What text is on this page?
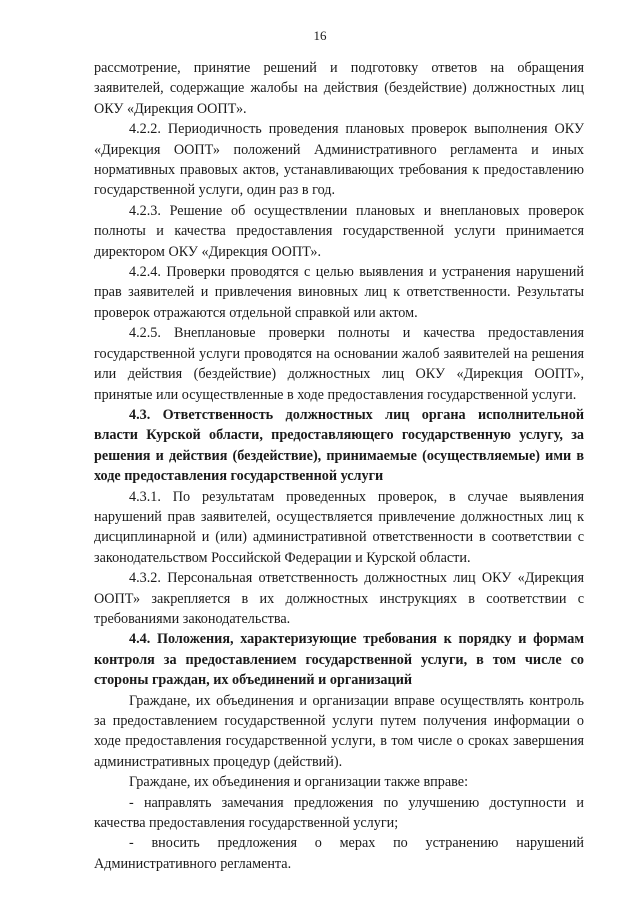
16

рассмотрение, принятие решений и подготовку ответов на обращения заявителей, содержащие жалобы на действия (бездействие) должностных лиц ОКУ «Дирекция ООПТ».

4.2.2. Периодичность проведения плановых проверок выполнения ОКУ «Дирекция ООПТ» положений Административного регламента и иных нормативных правовых актов, устанавливающих требования к предоставлению государственной услуги, один раз в год.

4.2.3. Решение об осуществлении плановых и внеплановых проверок полноты и качества предоставления государственной услуги принимается директором ОКУ «Дирекция ООПТ».

4.2.4. Проверки проводятся с целью выявления и устранения нарушений прав заявителей и привлечения виновных лиц к ответственности. Результаты проверок отражаются отдельной справкой или актом.

4.2.5. Внеплановые проверки полноты и качества предоставления государственной услуги проводятся на основании жалоб заявителей на решения или действия (бездействие) должностных лиц ОКУ «Дирекция ООПТ», принятые или осуществленные в ходе предоставления государственной услуги.

4.3. Ответственность должностных лиц органа исполнительной власти Курской области, предоставляющего государственную услугу, за решения и действия (бездействие), принимаемые (осуществляемые) ими в ходе предоставления государственной услуги

4.3.1. По результатам проведенных проверок, в случае выявления нарушений прав заявителей, осуществляется привлечение должностных лиц к дисциплинарной и (или) административной ответственности в соответствии с законодательством Российской Федерации и Курской области.

4.3.2. Персональная ответственность должностных лиц ОКУ «Дирекция ООПТ» закрепляется в их должностных инструкциях в соответствии с требованиями законодательства.

4.4. Положения, характеризующие требования к порядку и формам контроля за предоставлением государственной услуги, в том числе со стороны граждан, их объединений и организаций

Граждане, их объединения и организации вправе осуществлять контроль за предоставлением государственной услуги путем получения информации о ходе предоставления государственной услуги, в том числе о сроках завершения административных процедур (действий).

Граждане, их объединения и организации также вправе:

- направлять замечания предложения по улучшению доступности и качества предоставления государственной услуги;

- вносить предложения о мерах по устранению нарушений Административного регламента.
